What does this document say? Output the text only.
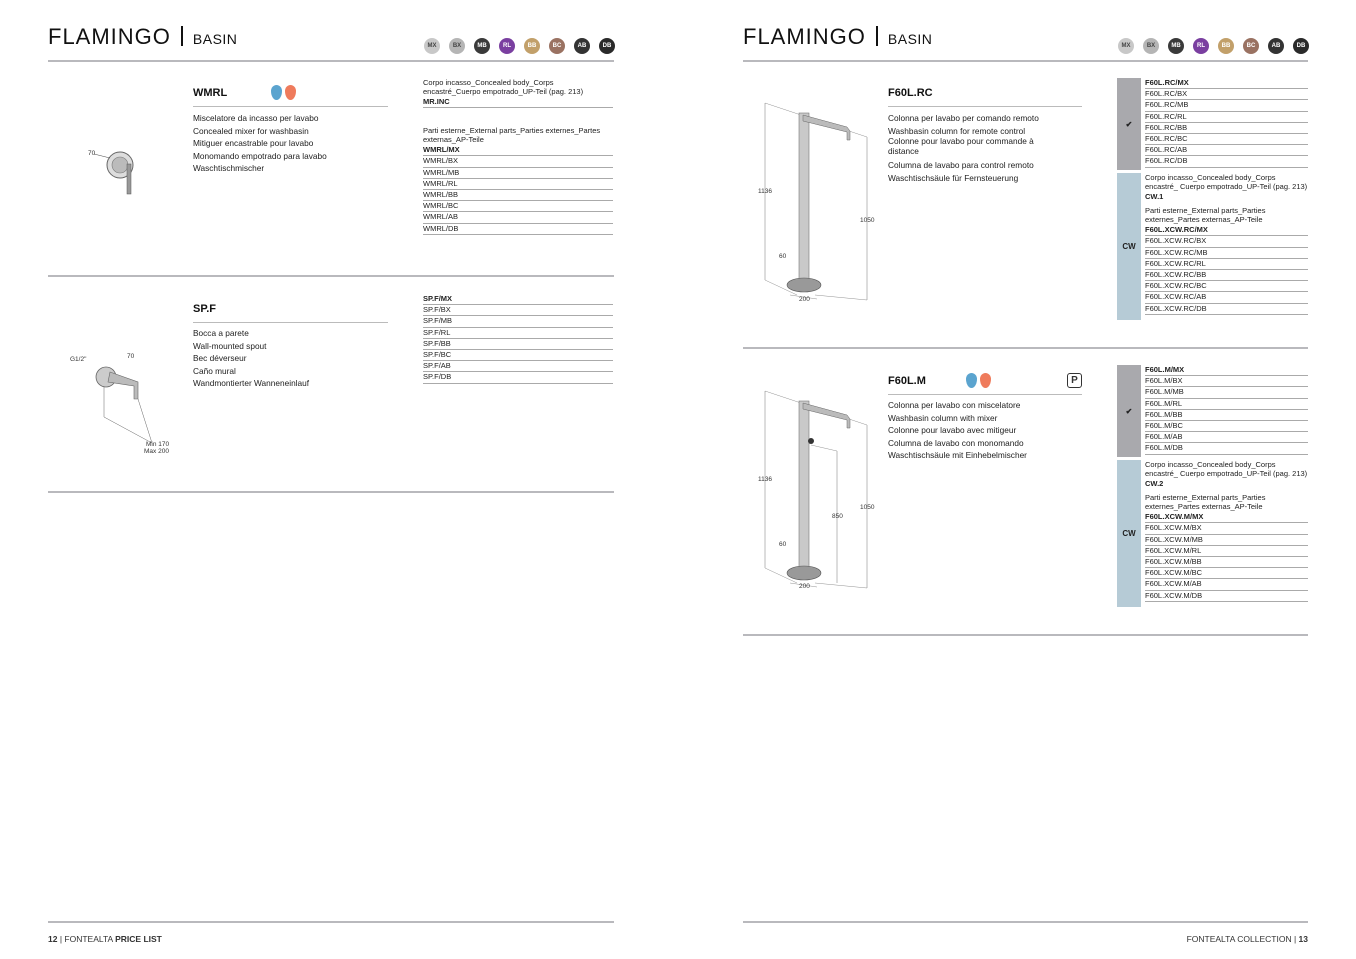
FLAMINGO BASIN	MX	BX	MB	RL	BB	BC	AB	DB
70
WMRL
Miscelatore da incasso per lavabo
Concealed mixer for washbasin
Mitiguer encastrable pour lavabo
Monomando empotrado para lavabo
Waschtischmischer
Corpo incasso_Concealed body_Corps encastré_Cuerpo empotrado_UP-Teil (pag. 213)
MR.INC
Parti esterne_External parts_Parties externes_Partes externas_AP-Teile
WMRL/MX
WMRL/BX
WMRL/MB
WMRL/RL
WMRL/BB
WMRL/BC
WMRL/AB
WMRL/DB
G1/2"	70
Min 170
Max 200
SP.F
Bocca a parete
Wall-mounted spout
Bec déverseur
Caño mural
Wandmontierter Wanneneinlauf
SP.F/MX
SP.F/BX
SP.F/MB
SP.F/RL
SP.F/BB
SP.F/BC
SP.F/AB
SP.F/DB
12 | FONTEALTA PRICE LIST
FLAMINGO BASIN	MX	BX	MB	RL	BB	BC	AB	DB
1136
1050
60
200
F60L.RC
Colonna per lavabo per comando remoto
Washbasin column for remote control
Colonne pour lavabo pour commande à distance
Columna de lavabo para control remoto
Waschtischsäule für Fernsteuerung
✔
F60L.RC/MX
F60L.RC/BX
F60L.RC/MB
F60L.RC/RL
F60L.RC/BB
F60L.RC/BC
F60L.RC/AB
F60L.RC/DB
CW
Corpo incasso_Concealed body_Corps encastré_ Cuerpo empotrado_UP-Teil (pag. 213)
CW.1
Parti esterne_External parts_Parties externes_Partes externas_AP-Teile
F60L.XCW.RC/MX
F60L.XCW.RC/BX
F60L.XCW.RC/MB
F60L.XCW.RC/RL
F60L.XCW.RC/BB
F60L.XCW.RC/BC
F60L.XCW.RC/AB
F60L.XCW.RC/DB
1136
1050
850
60
200
F60L.M	P
Colonna per lavabo con miscelatore
Washbasin column with mixer
Colonne pour lavabo avec mitigeur
Columna de lavabo con monomando
Waschtischsäule mit Einhebelmischer
✔
F60L.M/MX
F60L.M/BX
F60L.M/MB
F60L.M/RL
F60L.M/BB
F60L.M/BC
F60L.M/AB
F60L.M/DB
CW
Corpo incasso_Concealed body_Corps encastré_ Cuerpo empotrado_UP-Teil (pag. 213)
CW.2
Parti esterne_External parts_Parties externes_Partes externas_AP-Teile
F60L.XCW.M/MX
F60L.XCW.M/BX
F60L.XCW.M/MB
F60L.XCW.M/RL
F60L.XCW.M/BB
F60L.XCW.M/BC
F60L.XCW.M/AB
F60L.XCW.M/DB
FONTEALTA COLLECTION | 13
